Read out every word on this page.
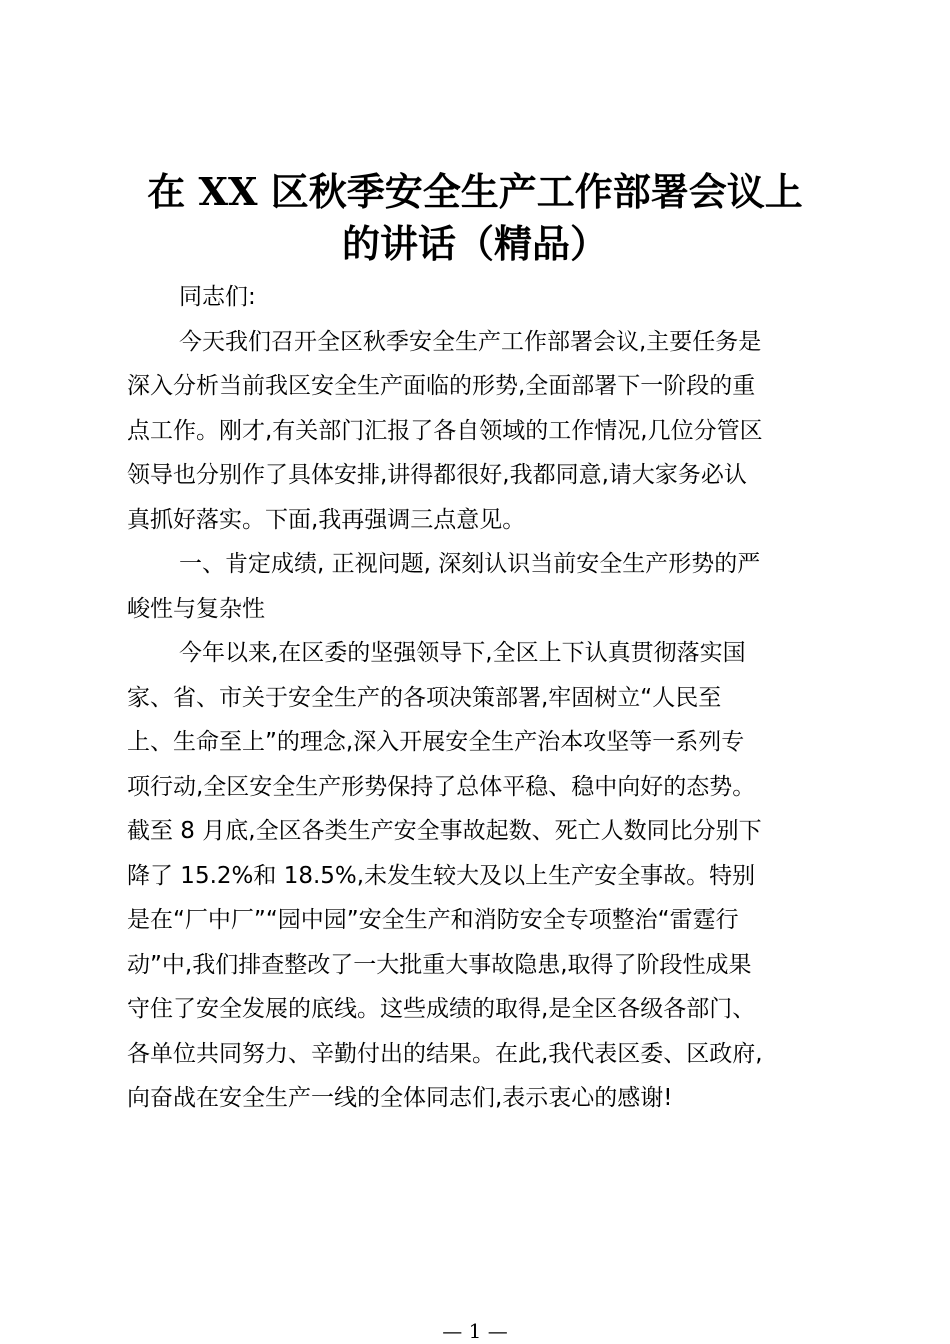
在 XX 区秋季安全生产工作部署会议上
的讲话（精品）

同志们:

今天我们召开全区秋季安全生产工作部署会议,主要任务是
深入分析当前我区安全生产面临的形势,全面部署下一阶段的重
点工作。刚才,有关部门汇报了各自领域的工作情况,几位分管区
领导也分别作了具体安排,讲得都很好,我都同意,请大家务必认
真抓好落实。下面,我再强调三点意见。

一、肯定成绩, 正视问题, 深刻认识当前安全生产形势的严
峻性与复杂性

今年以来,在区委的坚强领导下,全区上下认真贯彻落实国
家、省、市关于安全生产的各项决策部署,牢固树立“人民至
上、生命至上”的理念,深入开展安全生产治本攻坚等一系列专
项行动,全区安全生产形势保持了总体平稳、稳中向好的态势。
截至 8 月底,全区各类生产安全事故起数、死亡人数同比分别下
降了 15.2%和 18.5%,未发生较大及以上生产安全事故。特别
是在“厂中厂”“园中园”安全生产和消防安全专项整治“雷霆行
动”中,我们排查整改了一大批重大事故隐患,取得了阶段性成果
守住了安全发展的底线。这些成绩的取得,是全区各级各部门、
各单位共同努力、辛勤付出的结果。在此,我代表区委、区政府,
向奋战在安全生产一线的全体同志们,表示衷心的感谢!

— 1 —
